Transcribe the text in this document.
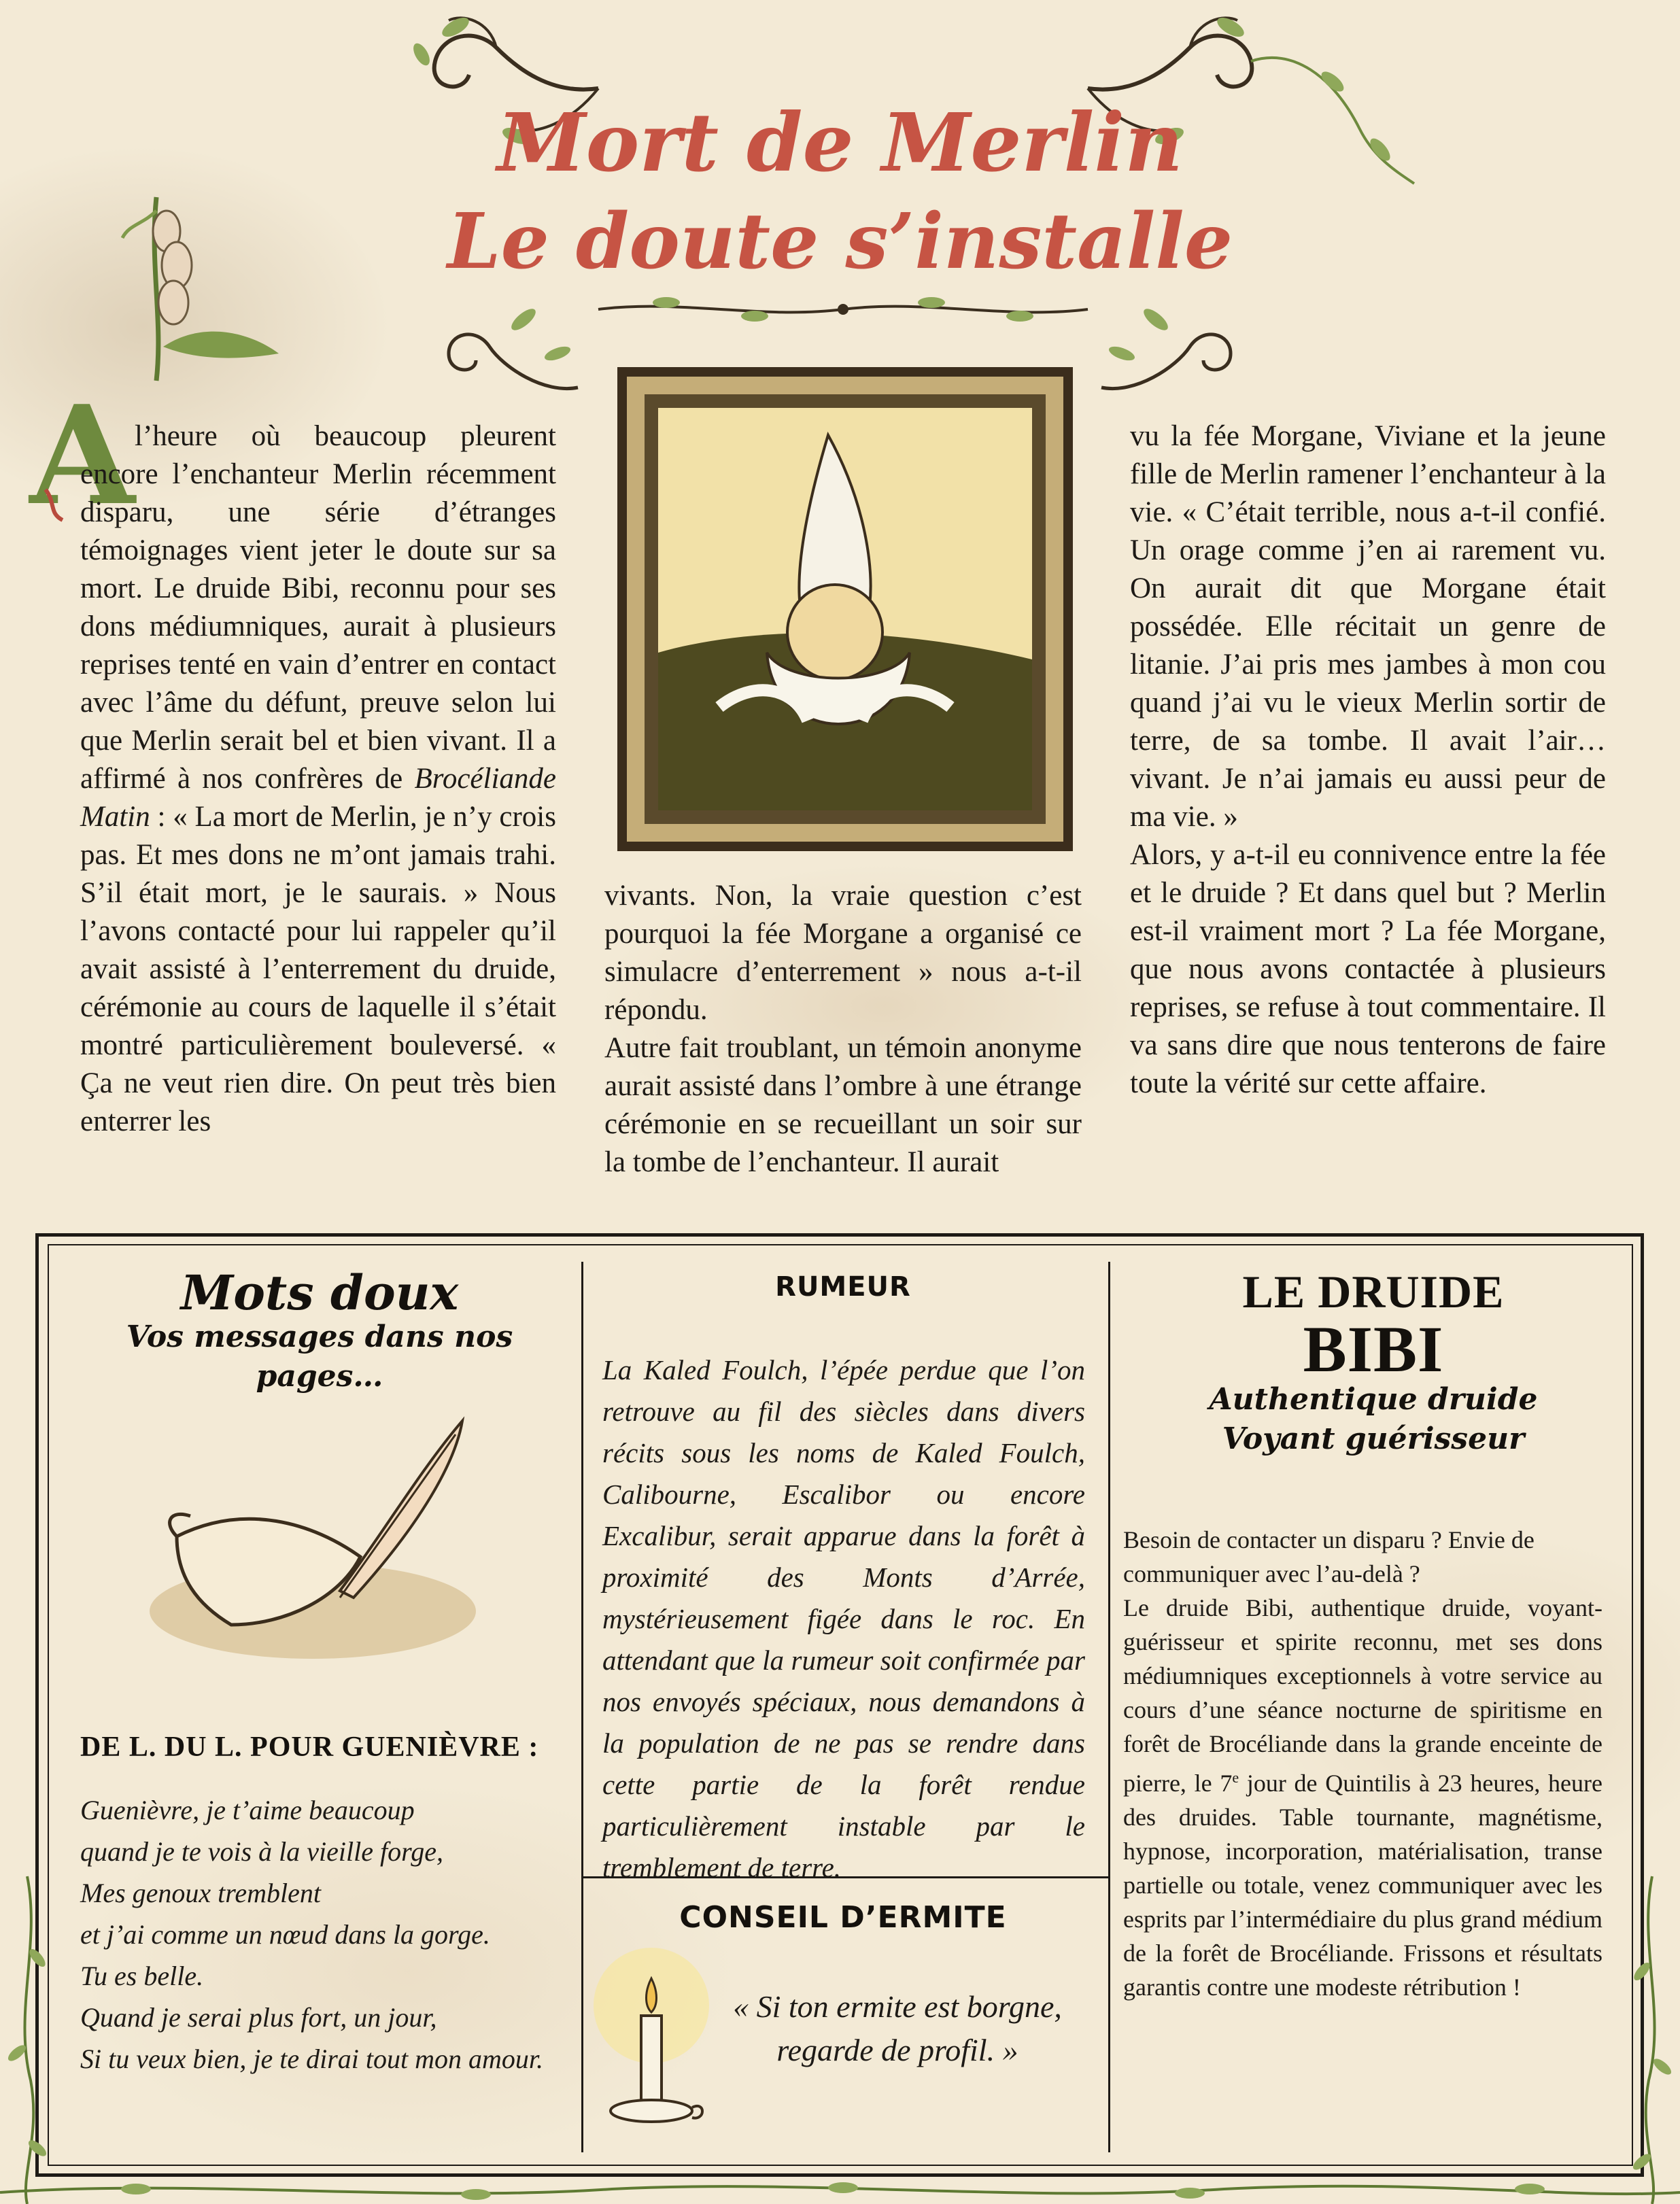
Mort de Merlin
Le doute s’installe
A l’heure où beaucoup pleurent encore l’enchanteur Merlin récemment disparu, une série d’étranges témoignages vient jeter le doute sur sa mort. Le druide Bibi, reconnu pour ses dons médiumniques, aurait à plusieurs reprises tenté en vain d’entrer en contact avec l’âme du défunt, preuve selon lui que Merlin serait bel et bien vivant. Il a affirmé à nos confrères de Brocéliande Matin : « La mort de Merlin, je n’y crois pas. Et mes dons ne m’ont jamais trahi. S’il était mort, je le saurais. » Nous l’avons contacté pour lui rappeler qu’il avait assisté à l’enterrement du druide, cérémonie au cours de laquelle il s’était montré particulièrement bouleversé. « Ça ne veut rien dire. On peut très bien enterrer les

vivants. Non, la vraie question c’est pourquoi la fée Morgane a organisé ce simulacre d’enterrement » nous a-t-il répondu.

Autre fait troublant, un témoin anonyme aurait assisté dans l’ombre à une étrange cérémonie en se recueillant un soir sur la tombe de l’enchanteur. Il aurait

vu la fée Morgane, Viviane et la jeune fille de Merlin ramener l’enchanteur à la vie. « C’était terrible, nous a-t-il confié. Un orage comme j’en ai rarement vu. On aurait dit que Morgane était possédée. Elle récitait un genre de litanie. J’ai pris mes jambes à mon cou quand j’ai vu le vieux Merlin sortir de terre, de sa tombe. Il avait l’air… vivant. Je n’ai jamais eu aussi peur de ma vie. »

Alors, y a-t-il eu connivence entre la fée et le druide ? Et dans quel but ? Merlin est-il vraiment mort ? La fée Morgane, que nous avons contactée à plusieurs reprises, se refuse à tout commentaire. Il va sans dire que nous tenterons de faire toute la vérité sur cette affaire.

Mots doux
Vos messages dans nos pages…

DE L. DU L. POUR GUENIÈVRE :

Guenièvre, je t’aime beaucoup
quand je te vois à la vieille forge,
Mes genoux tremblent
et j’ai comme un nœud dans la gorge.
Tu es belle.
Quand je serai plus fort, un jour,
Si tu veux bien, je te dirai tout mon amour.

RUMEUR

La Kaled Foulch, l’épée perdue que l’on retrouve au fil des siècles dans divers récits sous les noms de Kaled Foulch, Calibourne, Escalibor ou encore Excalibur, serait apparue dans la forêt à proximité des Monts d’Arrée, mystérieusement figée dans le roc. En attendant que la rumeur soit confirmée par nos envoyés spéciaux, nous demandons à la population de ne pas se rendre dans cette partie de la forêt rendue particulièrement instable par le tremblement de terre.

CONSEIL D’ERMITE

« Si ton ermite est borgne, regarde de profil. »

LE DRUIDE

BIBI

Authentique druide
Voyant guérisseur

Besoin de contacter un disparu ? Envie de communiquer avec l’au-delà ?

Le druide Bibi, authentique druide, voyant-guérisseur et spirite reconnu, met ses dons médiumniques exceptionnels à votre service au cours d’une séance nocturne de spiritisme en forêt de Brocéliande dans la grande enceinte de pierre, le 7e jour de Quintilis à 23 heures, heure des druides. Table tournante, magnétisme, hypnose, incorporation, matérialisation, transe partielle ou totale, venez communiquer avec les esprits par l’intermédiaire du plus grand médium de la forêt de Brocéliande. Frissons et résultats garantis contre une modeste rétribution !
